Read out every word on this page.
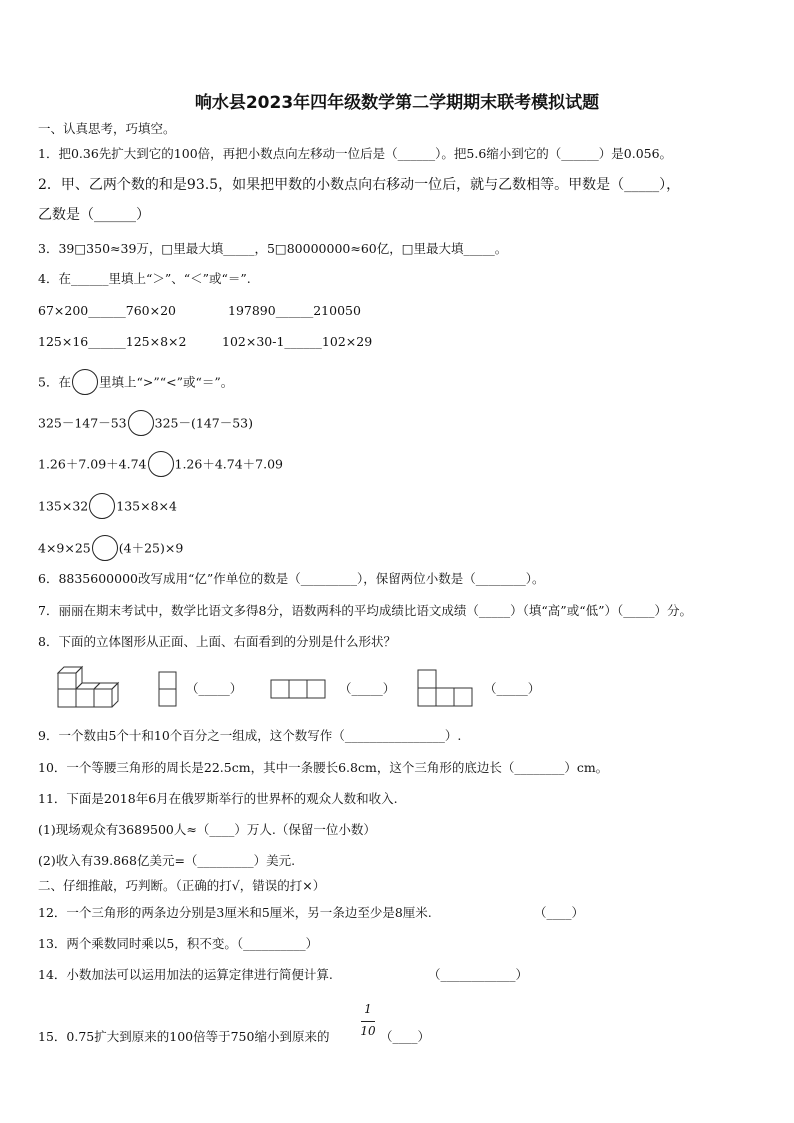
响水县2023年四年级数学第二学期期末联考模拟试题
一、认真思考，巧填空。
1．把0.36先扩大到它的100倍，再把小数点向左移动一位后是（______）。把5.6缩小到它的（______）是0.056。
2．甲、乙两个数的和是93.5，如果把甲数的小数点向右移动一位后，就与乙数相等。甲数是（_____），
乙数是（______）
3．39□350≈39万，□里最大填_____，5□80000000≈60亿，□里最大填_____。
4．在______里填上“＞”、“＜”或“＝”.
67×200______760×20	197890______210050
125×16______125×8×2	102×30-1______102×29
5．在 里填上“>”“<”或“＝”。
325－147－53 325－(147－53)
1.26＋7.09＋4.74 1.26＋4.74＋7.09
135×32 135×8×4
4×9×25 (4＋25)×9
6．8835600000改写成用“亿”作单位的数是（_________），保留两位小数是（________）。
7．丽丽在期末考试中，数学比语文多得8分，语数两科的平均成绩比语文成绩（_____）（填“高”或“低”）（_____）分。
8．下面的立体图形从正面、上面、右面看到的分别是什么形状？
（_____）	（_____）	（_____）
9．一个数由5个十和10个百分之一组成，这个数写作（________________）.
10．一个等腰三角形的周长是22.5cm，其中一条腰长6.8cm，这个三角形的底边长（________）cm。
11．下面是2018年6月在俄罗斯举行的世界杯的观众人数和收入.
(1)现场观众有3689500人≈（____）万人.（保留一位小数）
(2)收入有39.868亿美元=（_________）美元.
二、仔细推敲，巧判断。（正确的打√，错误的打×）
12．一个三角形的两条边分别是3厘米和5厘米，另一条边至少是8厘米.	（____）
13．两个乘数同时乘以5，积不变。（__________）
14．小数加法可以运用加法的运算定律进行简便计算.	（____________）
15．0.75扩大到原来的100倍等于750缩小到原来的
1
10 （____）
